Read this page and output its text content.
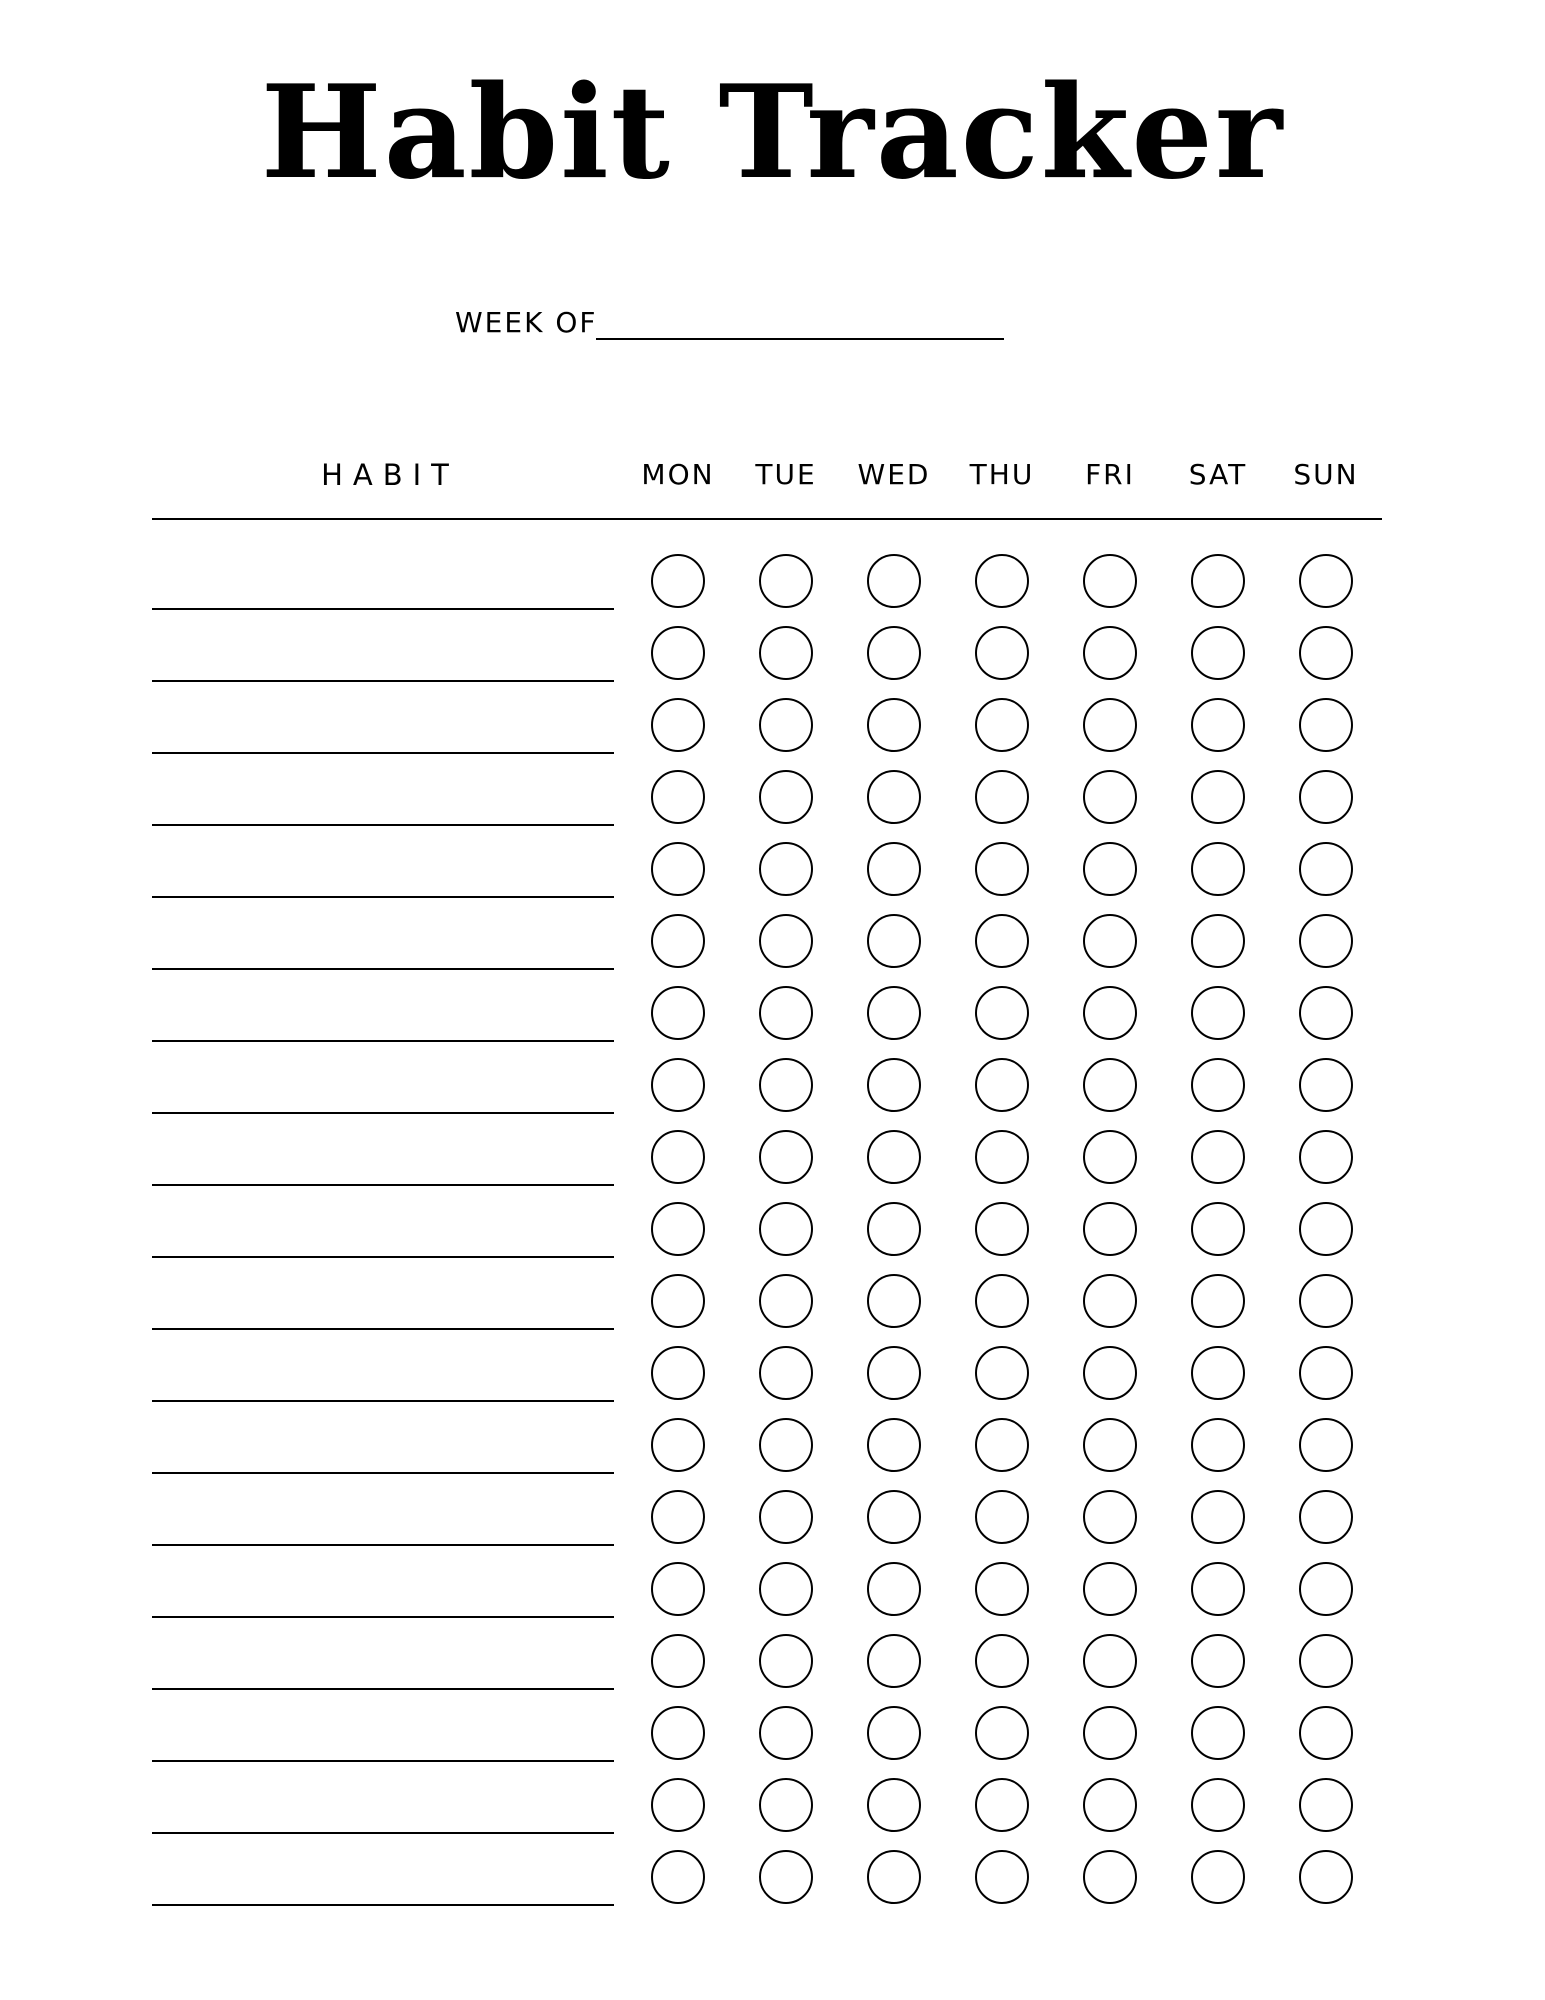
Habit Tracker
WEEK OF
HABIT	MON	TUE	WED	THU	FRI	SAT	SUN
